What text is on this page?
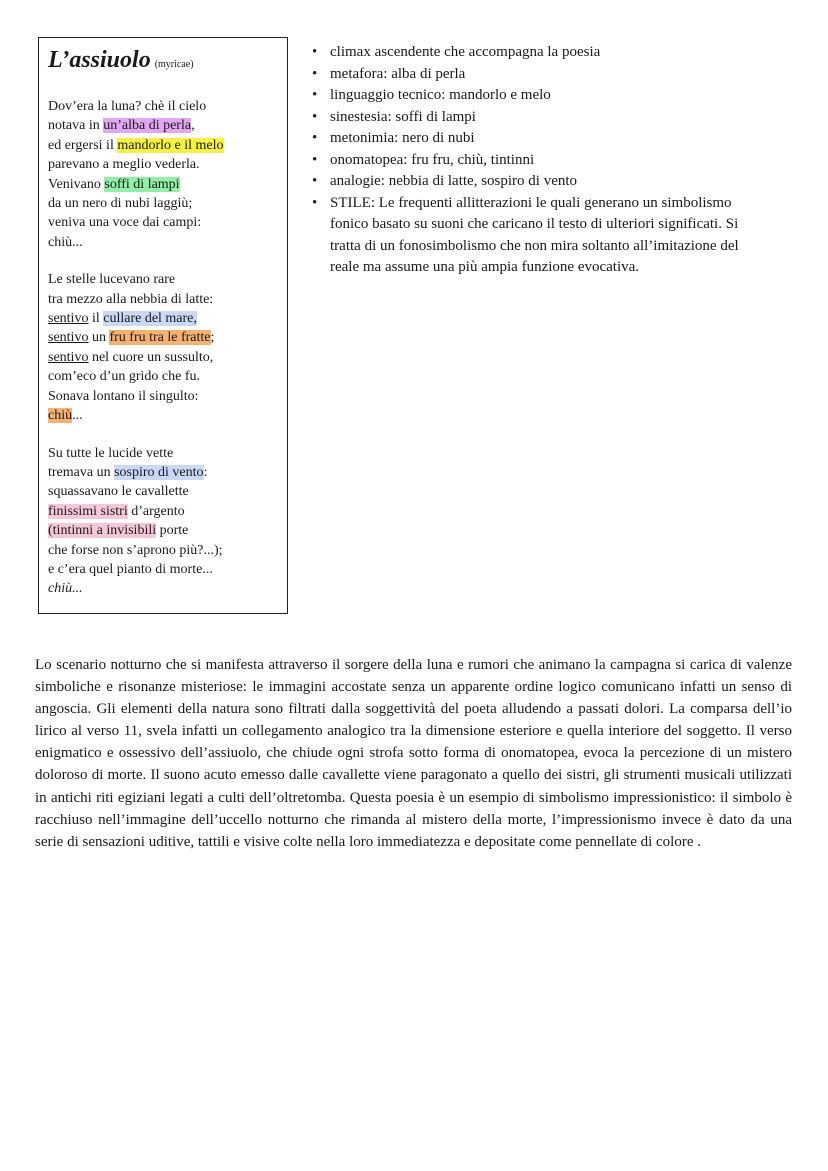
L’assiuolo (myricae)
Dov’era la luna? chè il cielo
notava in un’alba di perla,
ed ergersi il mandorlo e il melo
parevano a meglio vederla.
Venivano soffi di lampi
da un nero di nubi laggiù;
veniva una voce dai campi:
chiù...
Le stelle lucevano rare
tra mezzo alla nebbia di latte:
sentivo il cullare del mare,
sentivo un fru fru tra le fratte;
sentivo nel cuore un sussulto,
com’eco d’un grido che fu.
Sonava lontano il singulto:
chiù...
Su tutte le lucide vette
tremava un sospiro di vento:
squassavano le cavallette
finissimi sistri d’argento
(tintinni a invisibili porte
che forse non s’aprono più?...);
e c’era quel pianto di morte...
chiù...
• climax ascendente che accompagna la poesia
• metafora: alba di perla
• linguaggio tecnico: mandorlo e melo
• sinestesia: soffi di lampi
• metonimia: nero di nubi
• onomatopea: fru fru, chiù, tintinni
• analogie: nebbia di latte, sospiro di vento
• STILE: Le frequenti allitterazioni le quali generano un simbolismo fonico basato su suoni che caricano il testo di ulteriori significati. Si tratta di un fonosimbolismo che non mira soltanto all’imitazione del reale ma assume una più ampia funzione evocativa.

Lo scenario notturno che si manifesta attraverso il sorgere della luna e rumori che animano la campagna si carica di valenze simboliche e risonanze misteriose: le immagini accostate senza un apparente ordine logico comunicano infatti un senso di angoscia. Gli elementi della natura sono filtrati dalla soggettività del poeta alludendo a passati dolori. La comparsa dell’io lirico al verso 11, svela infatti un collegamento analogico tra la dimensione esteriore e quella interiore del soggetto. Il verso enigmatico e ossessivo dell’assiuolo, che chiude ogni strofa sotto forma di onomatopea, evoca la percezione di un mistero doloroso di morte. Il suono acuto emesso dalle cavallette viene paragonato a quello dei sistri, gli strumenti musicali utilizzati in antichi riti egiziani legati a culti dell’oltretomba. Questa poesia è un esempio di simbolismo impressionistico: il simbolo è racchiuso nell’immagine dell’uccello notturno che rimanda al mistero della morte, l’impressionismo invece è dato da una serie di sensazioni uditive, tattili e visive colte nella loro immediatezza e depositate come pennellate di colore .
